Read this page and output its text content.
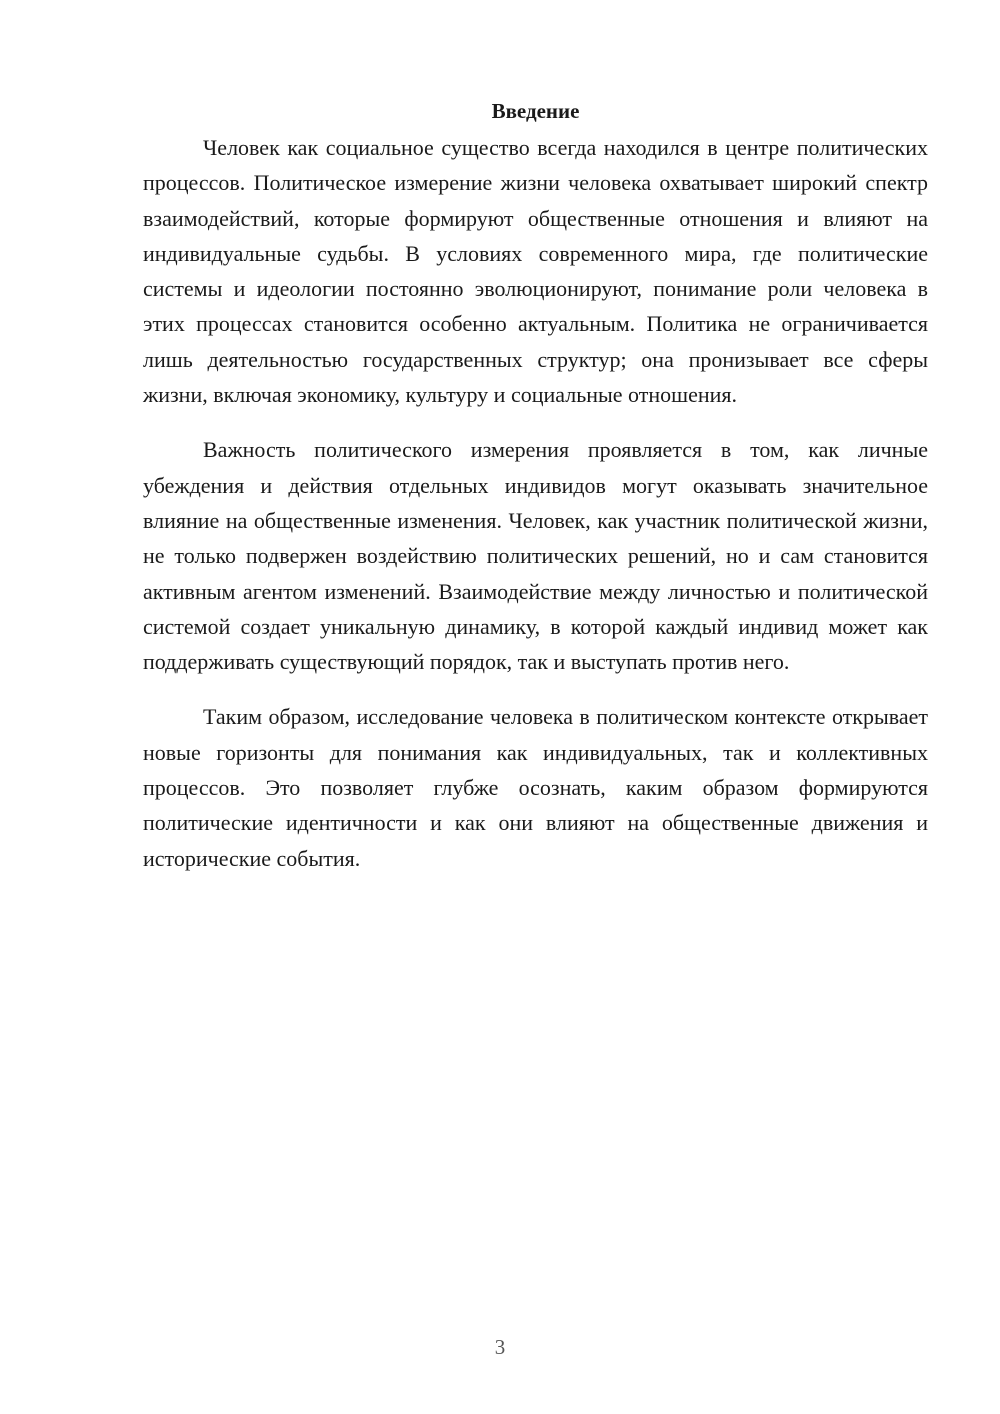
Введение

Человек как социальное существо всегда находился в центре политических процессов. Политическое измерение жизни человека охватывает широкий спектр взаимодействий, которые формируют общественные отношения и влияют на индивидуальные судьбы. В условиях современного мира, где политические системы и идеологии постоянно эволюционируют, понимание роли человека в этих процессах становится особенно актуальным. Политика не ограничивается лишь деятельностью государственных структур; она пронизывает все сферы жизни, включая экономику, культуру и социальные отношения.

Важность политического измерения проявляется в том, как личные убеждения и действия отдельных индивидов могут оказывать значительное влияние на общественные изменения. Человек, как участник политической жизни, не только подвержен воздействию политических решений, но и сам становится активным агентом изменений. Взаимодействие между личностью и политической системой создает уникальную динамику, в которой каждый индивид может как поддерживать существующий порядок, так и выступать против него.

Таким образом, исследование человека в политическом контексте открывает новые горизонты для понимания как индивидуальных, так и коллективных процессов. Это позволяет глубже осознать, каким образом формируются политические идентичности и как они влияют на общественные движения и исторические события.

3
